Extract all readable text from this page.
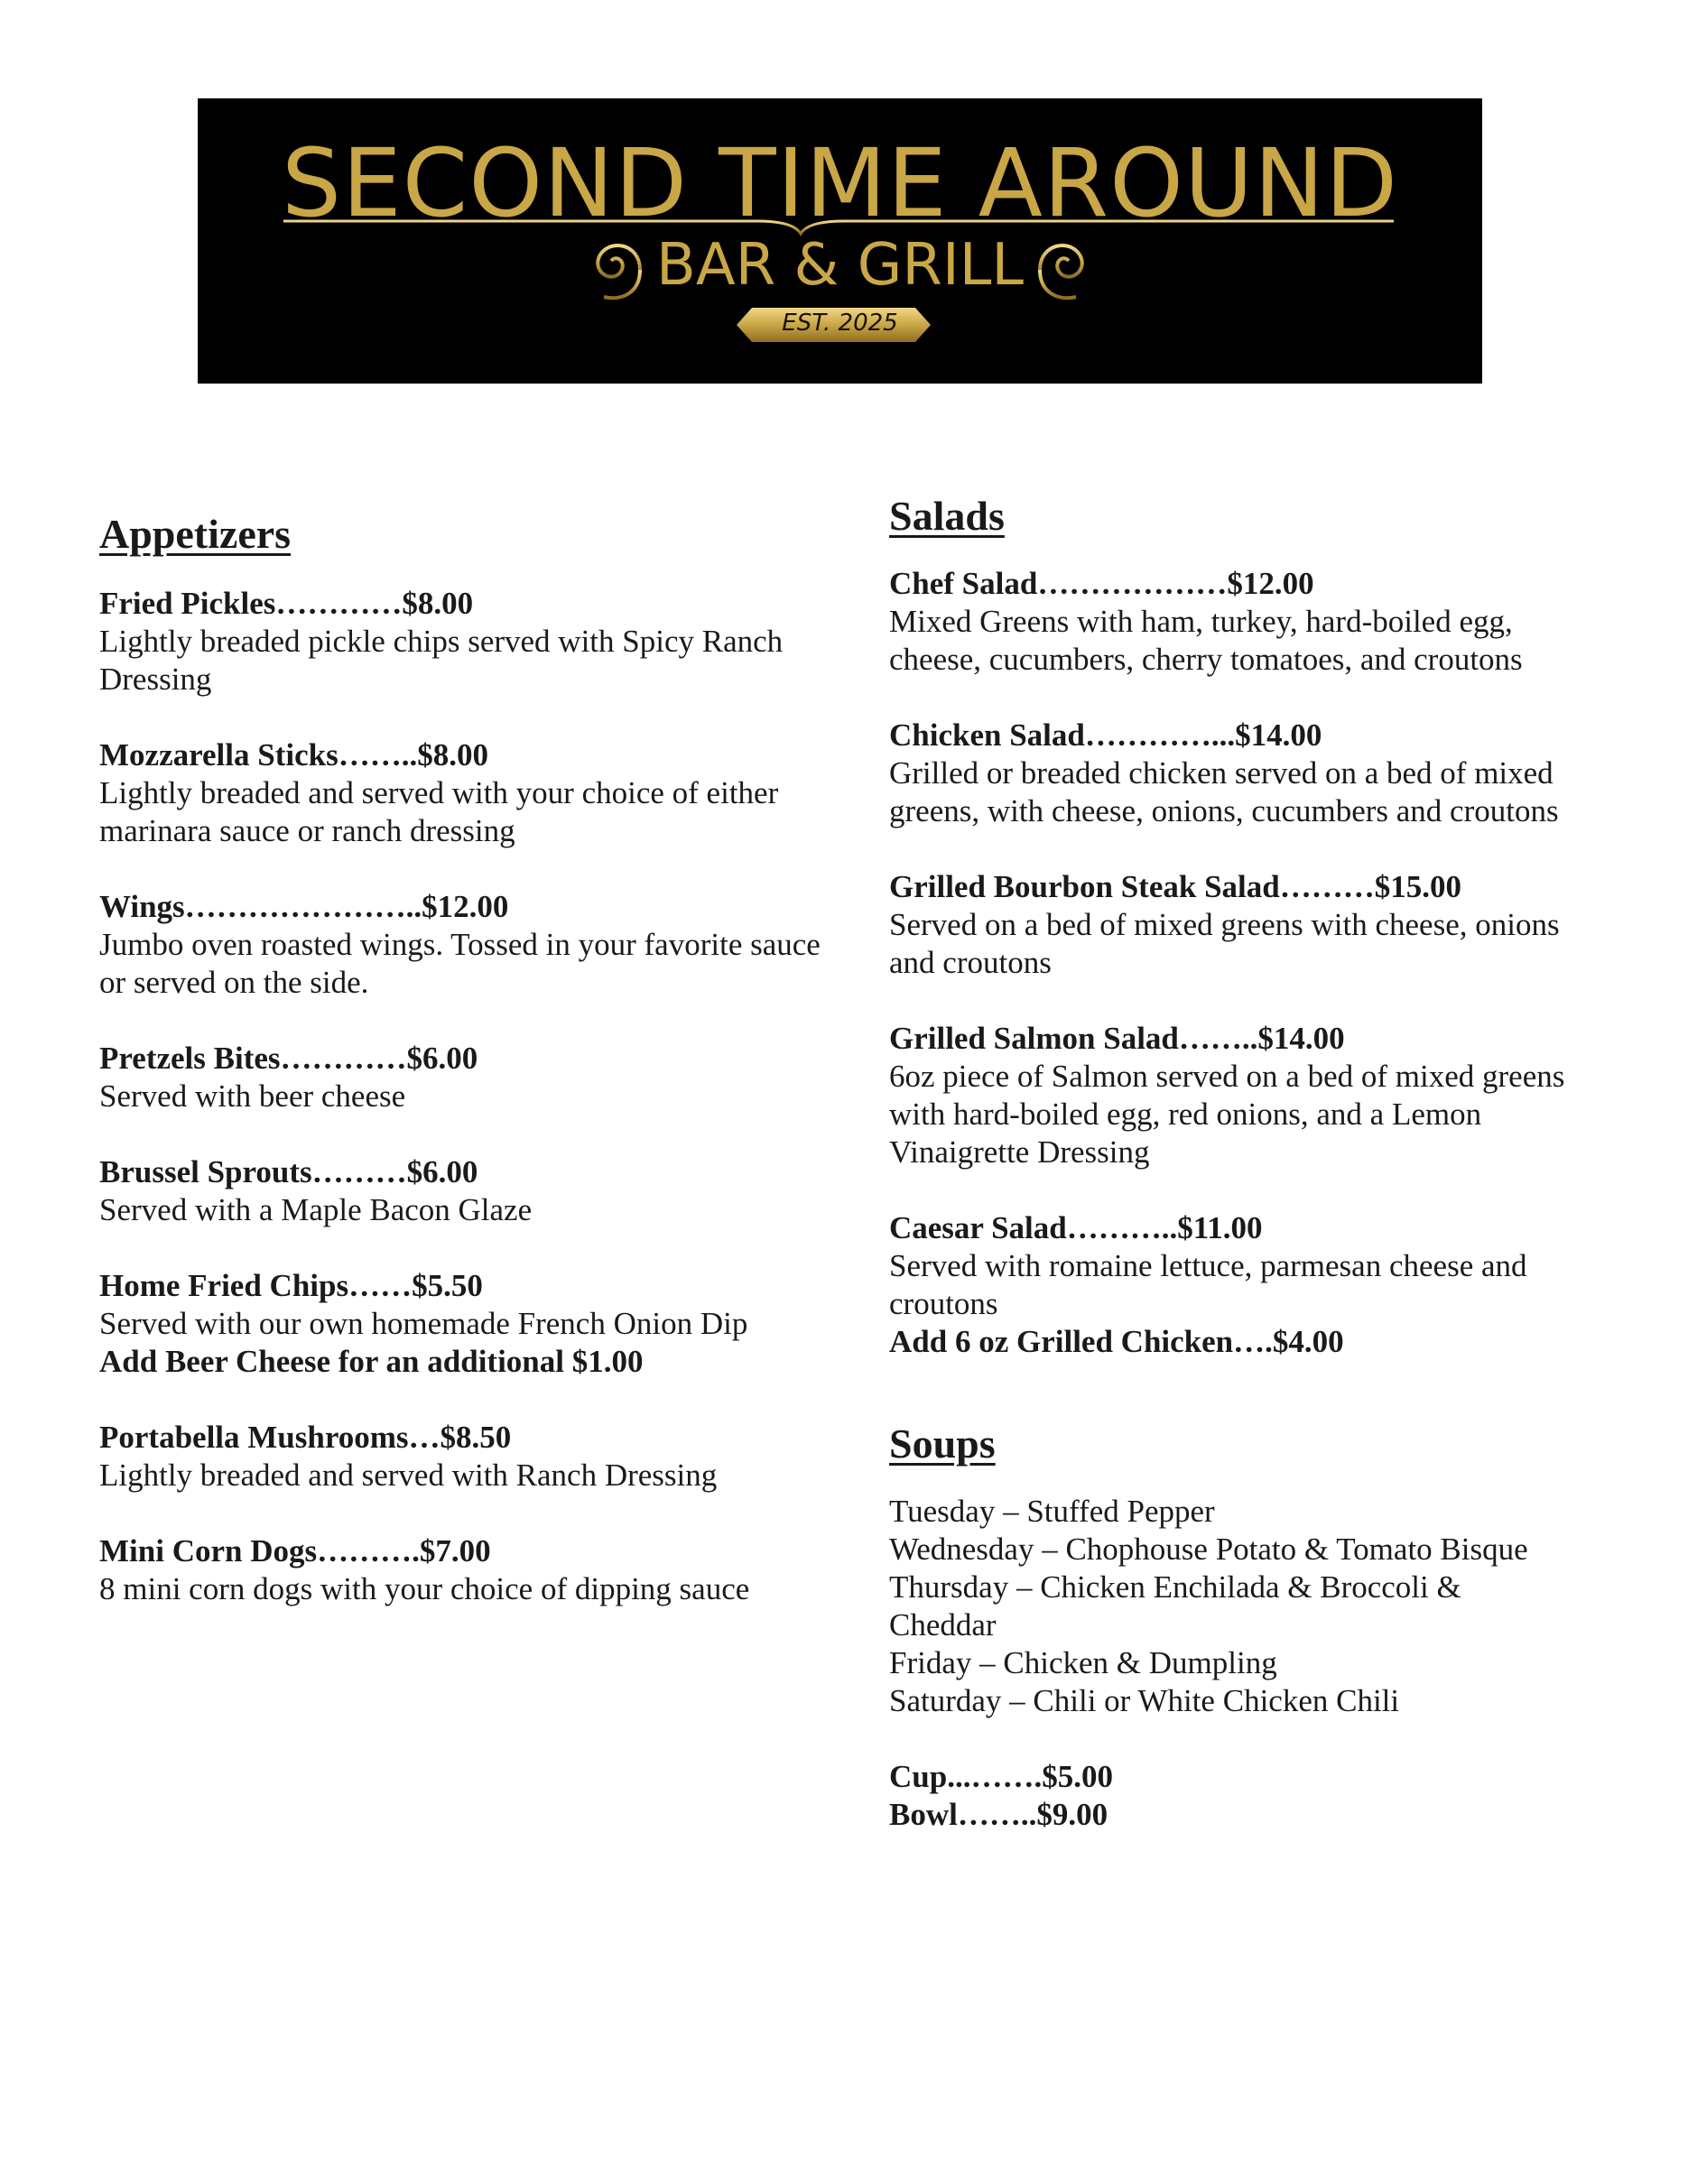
SECOND TIME AROUND
BAR & GRILL
EST. 2025
Appetizers
Fried Pickles…………$8.00
Lightly breaded pickle chips served with Spicy Ranch Dressing
Mozzarella Sticks……..$8.00
Lightly breaded and served with your choice of either marinara sauce or ranch dressing
Wings…………………..$12.00
Jumbo oven roasted wings. Tossed in your favorite sauce or served on the side.
Pretzels Bites…………$6.00
Served with beer cheese
Brussel Sprouts………$6.00
Served with a Maple Bacon Glaze
Home Fried Chips……$5.50
Served with our own homemade French Onion Dip
Add Beer Cheese for an additional $1.00
Portabella Mushrooms…$8.50
Lightly breaded and served with Ranch Dressing
Mini Corn Dogs……….$7.00
8 mini corn dogs with your choice of dipping sauce
Salads
Chef Salad………………$12.00
Mixed Greens with ham, turkey, hard-boiled egg, cheese, cucumbers, cherry tomatoes, and croutons
Chicken Salad…………...$14.00
Grilled or breaded chicken served on a bed of mixed greens, with cheese, onions, cucumbers and croutons
Grilled Bourbon Steak Salad………$15.00
Served on a bed of mixed greens with cheese, onions and croutons
Grilled Salmon Salad……..$14.00
6oz piece of Salmon served on a bed of mixed greens with hard-boiled egg, red onions, and a Lemon Vinaigrette Dressing
Caesar Salad………..$11.00
Served with romaine lettuce, parmesan cheese and croutons
Add 6 oz Grilled Chicken….$4.00
Soups
Tuesday – Stuffed Pepper
Wednesday – Chophouse Potato & Tomato Bisque
Thursday – Chicken Enchilada & Broccoli & Cheddar
Friday – Chicken & Dumpling
Saturday – Chili or White Chicken Chili
Cup...…….$5.00
Bowl……..$9.00
